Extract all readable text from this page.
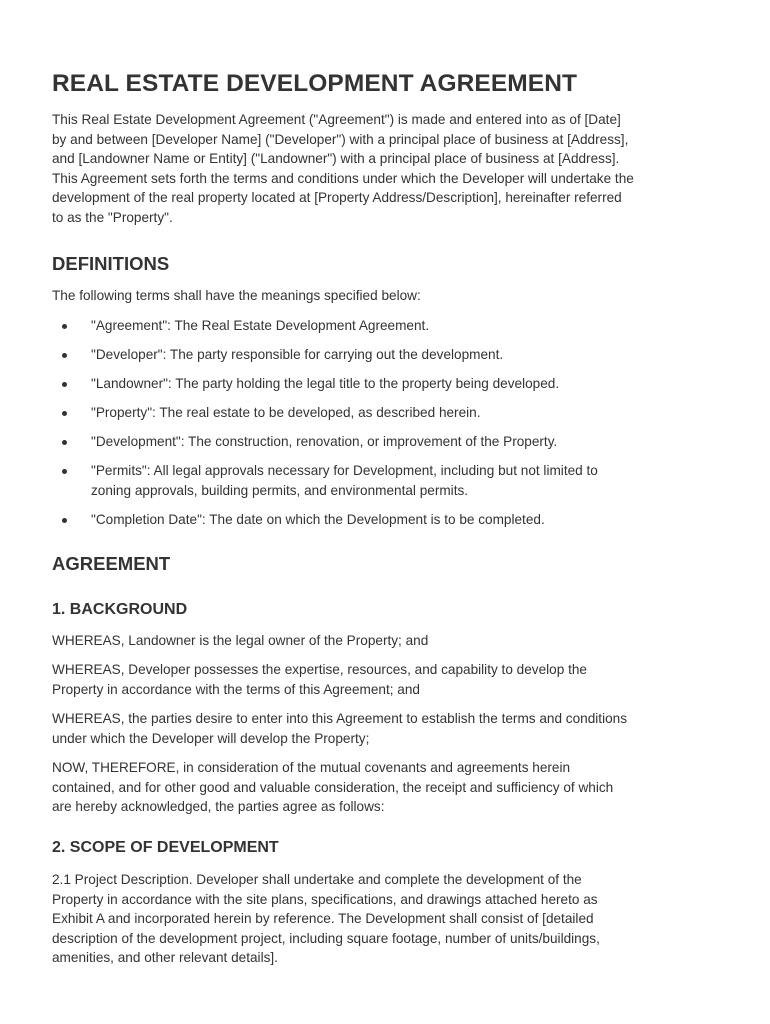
REAL ESTATE DEVELOPMENT AGREEMENT

This Real Estate Development Agreement ("Agreement") is made and entered into as of [Date]
by and between [Developer Name] ("Developer") with a principal place of business at [Address],
and [Landowner Name or Entity] ("Landowner") with a principal place of business at [Address].
This Agreement sets forth the terms and conditions under which the Developer will undertake the
development of the real property located at [Property Address/Description], hereinafter referred
to as the "Property".

DEFINITIONS

The following terms shall have the meanings specified below:

"Agreement": The Real Estate Development Agreement.
"Developer": The party responsible for carrying out the development.
"Landowner": The party holding the legal title to the property being developed.
"Property": The real estate to be developed, as described herein.
"Development": The construction, renovation, or improvement of the Property.
"Permits": All legal approvals necessary for Development, including but not limited to
zoning approvals, building permits, and environmental permits.
"Completion Date": The date on which the Development is to be completed.
AGREEMENT
1. BACKGROUND

WHEREAS, Landowner is the legal owner of the Property; and

WHEREAS, Developer possesses the expertise, resources, and capability to develop the
Property in accordance with the terms of this Agreement; and

WHEREAS, the parties desire to enter into this Agreement to establish the terms and conditions
under which the Developer will develop the Property;

NOW, THEREFORE, in consideration of the mutual covenants and agreements herein
contained, and for other good and valuable consideration, the receipt and sufficiency of which
are hereby acknowledged, the parties agree as follows:

2. SCOPE OF DEVELOPMENT

2.1 Project Description. Developer shall undertake and complete the development of the
Property in accordance with the site plans, specifications, and drawings attached hereto as
Exhibit A and incorporated herein by reference. The Development shall consist of [detailed
description of the development project, including square footage, number of units/buildings,
amenities, and other relevant details].
